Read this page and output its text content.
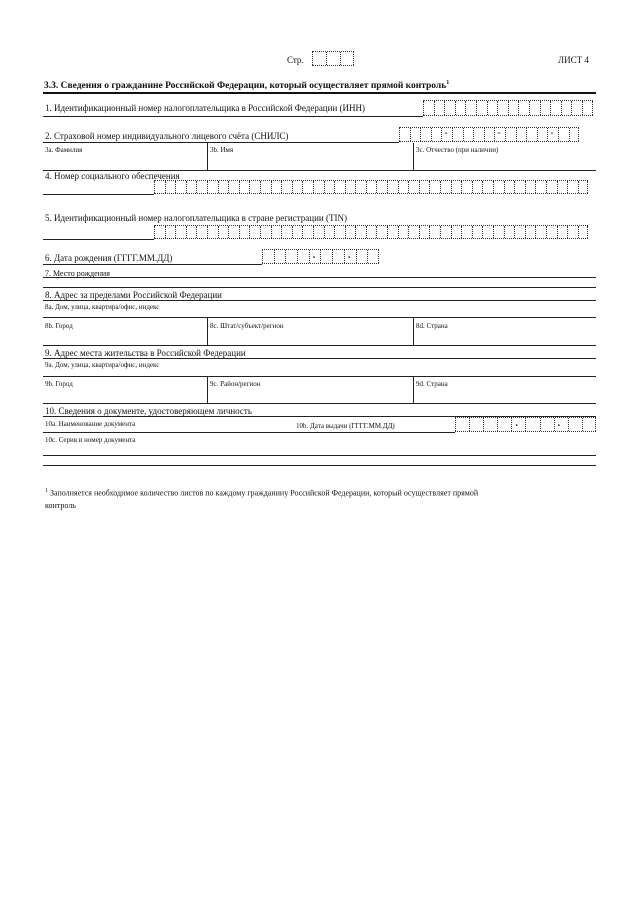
Стр.	ЛИСТ 4
3.3. Сведения о гражданине Российской Федерации, который осуществляет прямой контроль$^1$
1. Идентификационный номер налогоплательщика в Российской Федерации (ИНН)
2. Страховой номер индивидуального лицевого счёта (СНИЛС)
-
-
-
3а. Фамилия	3b. Имя	3c. Отчество (при наличии)
4. Номер социального обеспечения
5. Идентификационный номер налогоплательщика в стране регистрации (TIN)
6. Дата рождения (ГГГГ.ММ.ДД)
.
.
7. Место рождения
8. Адрес за пределами Российской Федерации
8а. Дом, улица, квартира/офис, индекс
8b. Город	8c. Штат/субъект/регион	8d. Страна
9. Адрес места жительства в Российской Федерации
9а. Дом, улица, квартира/офис, индекс
9b. Город	9c. Район/регион	9d. Страна
10. Сведения о документе, удостоверяющем личность
10a. Наименование документа	10b. Дата выдачи (ГГГГ.ММ.ДД)
.
.
10c. Серия и номер документа
$^1$ Заполняется необходимое количество листов по каждому гражданину Российской Федерации, который осуществляет прямой
контроль
